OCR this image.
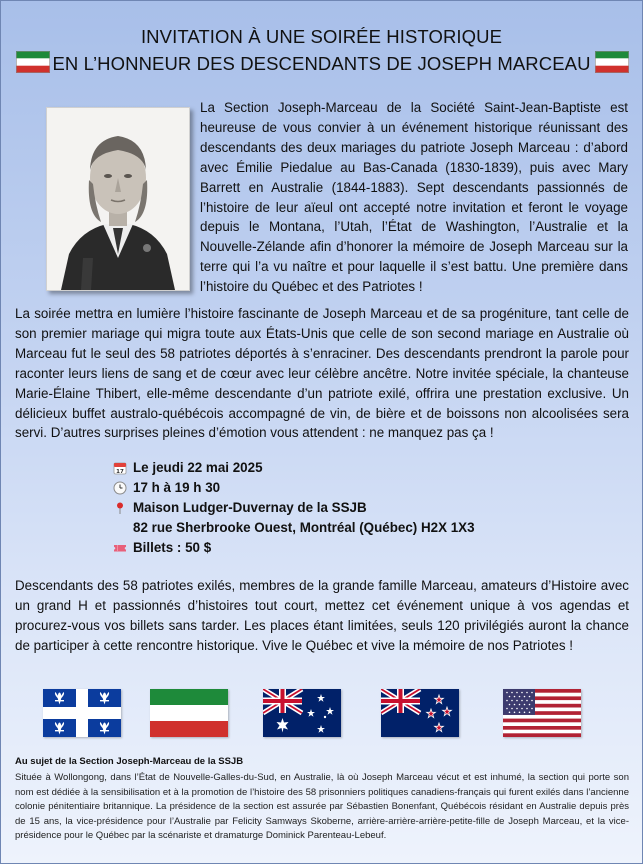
INVITATION À UNE SOIRÉE HISTORIQUE
EN L’HONNEUR DES DESCENDANTS DE JOSEPH MARCEAU

La Section Joseph-Marceau de la Société Saint-Jean-Baptiste est heureuse de vous convier à un événement historique réunissant des descendants des deux mariages du patriote Joseph Marceau : d’abord avec Émilie Piedalue au Bas-Canada (1830-1839), puis avec Mary Barrett en Australie (1844-1883). Sept descendants passionnés de l’histoire de leur aïeul ont accepté notre invitation et feront le voyage depuis le Montana, l’Utah, l’État de Washington, l’Australie et la Nouvelle-Zélande afin d’honorer la mémoire de Joseph Marceau sur la terre qui l’a vu naître et pour laquelle il s’est battu. Une première dans l’histoire du Québec et des Patriotes !

La soirée mettra en lumière l’histoire fascinante de Joseph Marceau et de sa progéniture, tant celle de son premier mariage qui migra toute aux États-Unis que celle de son second mariage en Australie où Marceau fut le seul des 58 patriotes déportés à s’enraciner. Des descendants prendront la parole pour raconter leurs liens de sang et de cœur avec leur célèbre ancêtre. Notre invitée spéciale, la chanteuse Marie-Élaine Thibert, elle-même descendante d’un patriote exilé, offrira une prestation exclusive. Un délicieux buffet australo-québécois accompagné de vin, de bière et de boissons non alcoolisées sera servi. D’autres surprises pleines d’émotion vous attendent : ne manquez pas ça !

17 Le jeudi 22 mai 2025
17 h à 19 h 30
Maison Ludger-Duvernay de la SSJB
82 rue Sherbrooke Ouest, Montréal (Québec) H2X 1X3
Billets : 50 $

Descendants des 58 patriotes exilés, membres de la grande famille Marceau, amateurs d’Histoire avec un grand H et passionnés d’histoires tout court, mettez cet événement unique à vos agendas et procurez-vous vos billets sans tarder. Les places étant limitées, seuls 120 privilégiés auront la chance de participer à cette rencontre historique. Vive le Québec et vive la mémoire de nos Patriotes !

Au sujet de la Section Joseph-Marceau de la SSJB

Située à Wollongong, dans l’État de Nouvelle-Galles-du-Sud, en Australie, là où Joseph Marceau vécut et est inhumé, la section qui porte son nom est dédiée à la sensibilisation et à la promotion de l’histoire des 58 prisonniers politiques canadiens-français qui furent exilés dans l’ancienne colonie pénitentiaire britannique. La présidence de la section est assurée par Sébastien Bonenfant, Québécois résidant en Australie depuis près de 15 ans, la vice-présidence pour l’Australie par Felicity Samways Skoberne, arrière-arrière-arrière-petite-fille de Joseph Marceau, et la vice-présidence pour le Québec par la scénariste et dramaturge Dominick Parenteau-Lebeuf.
